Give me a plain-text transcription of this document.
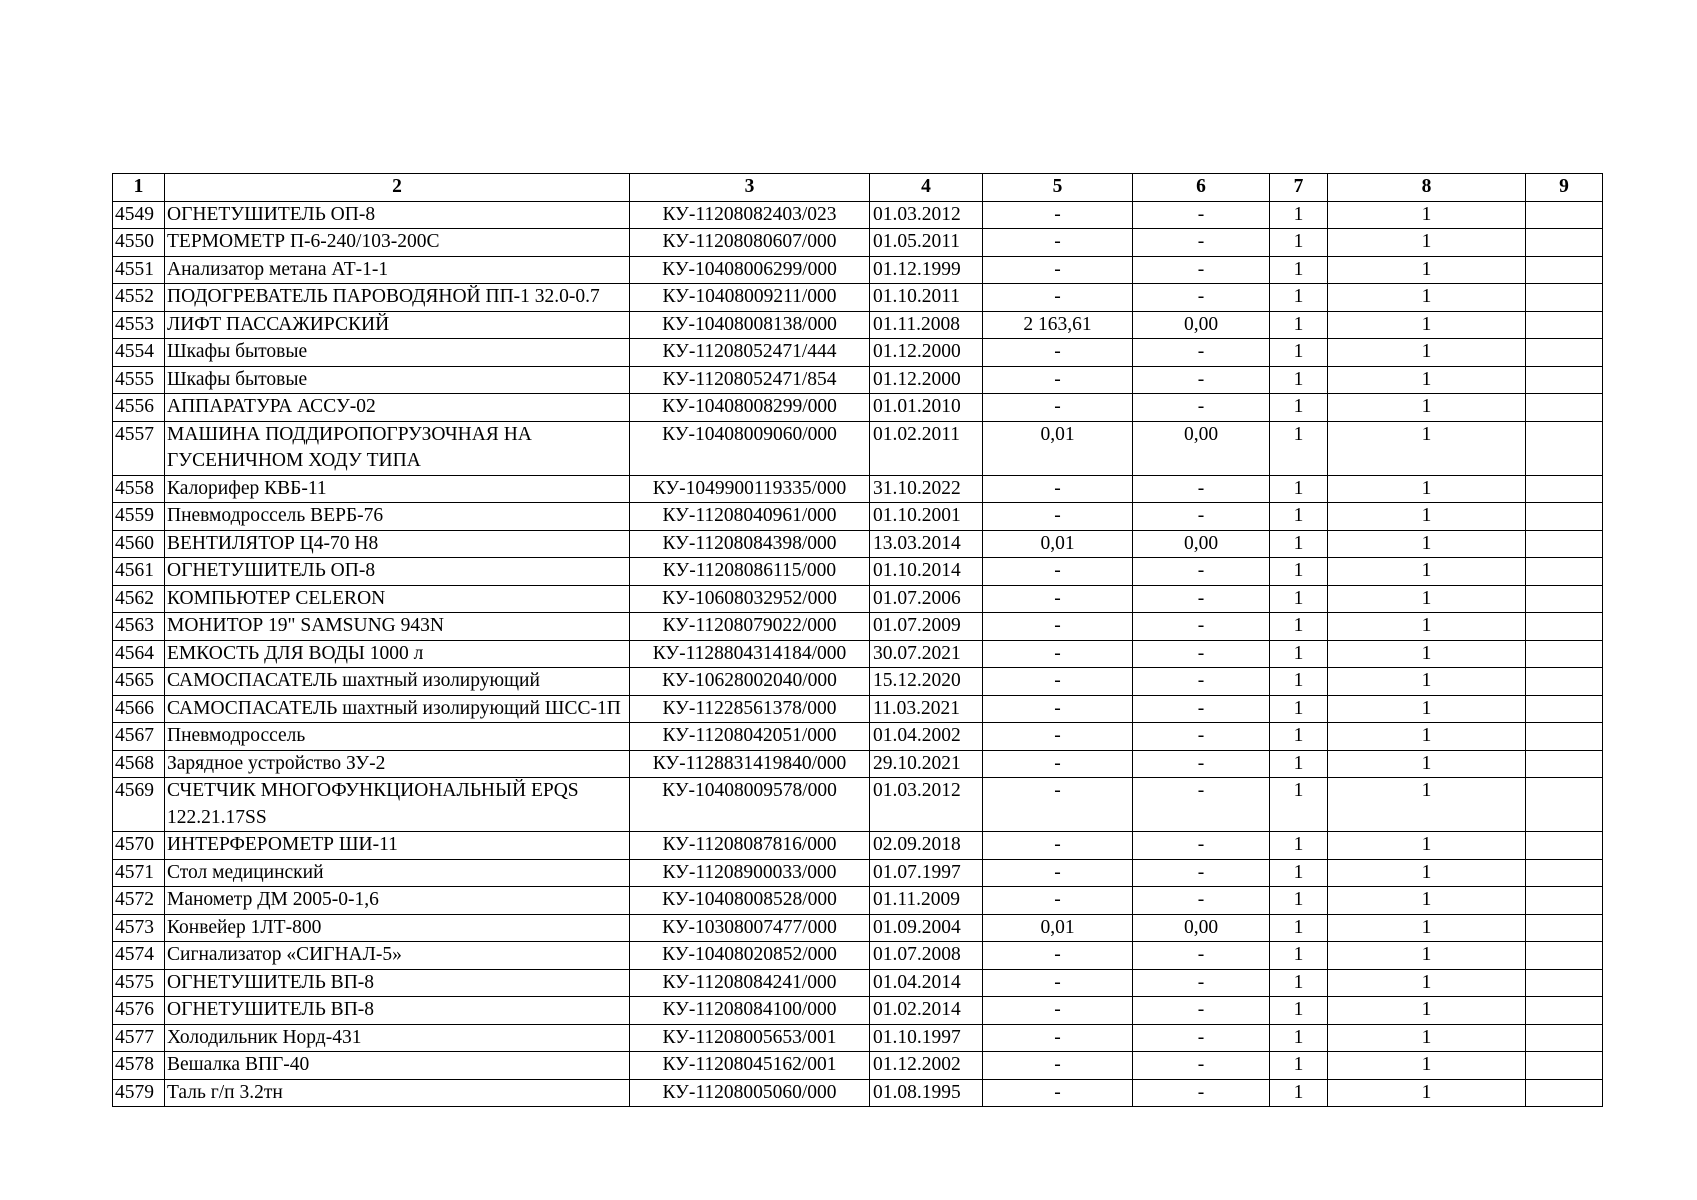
1	2	3	4	5	6	7	8	9
4549	ОГНЕТУШИТЕЛЬ ОП-8	КУ-11208082403/023	01.03.2012	-	-	1	1	
4550	ТЕРМОМЕТР П-6-240/103-200С	КУ-11208080607/000	01.05.2011	-	-	1	1	
4551	Анализатор метана АТ-1-1	КУ-10408006299/000	01.12.1999	-	-	1	1	
4552	ПОДОГРЕВАТЕЛЬ ПАРОВОДЯНОЙ ПП-1 32.0-0.7	КУ-10408009211/000	01.10.2011	-	-	1	1	
4553	ЛИФТ ПАССАЖИРСКИЙ	КУ-10408008138/000	01.11.2008	2 163,61	0,00	1	1	
4554	Шкафы бытовые	КУ-11208052471/444	01.12.2000	-	-	1	1	
4555	Шкафы бытовые	КУ-11208052471/854	01.12.2000	-	-	1	1	
4556	АППАРАТУРА АССУ-02	КУ-10408008299/000	01.01.2010	-	-	1	1	
4557	МАШИНА ПОДДИРОПОГРУЗОЧНАЯ НА ГУСЕНИЧНОМ ХОДУ ТИПА	КУ-10408009060/000	01.02.2011	0,01	0,00	1	1	
4558	Калорифер КВБ-11	КУ-1049900119335/000	31.10.2022	-	-	1	1	
4559	Пневмодроссель ВЕРБ-76	КУ-11208040961/000	01.10.2001	-	-	1	1	
4560	ВЕНТИЛЯТОР Ц4-70 Н8	КУ-11208084398/000	13.03.2014	0,01	0,00	1	1	
4561	ОГНЕТУШИТЕЛЬ ОП-8	КУ-11208086115/000	01.10.2014	-	-	1	1	
4562	КОМПЬЮТЕР CELERON	КУ-10608032952/000	01.07.2006	-	-	1	1	
4563	МОНИТОР 19" SAMSUNG 943N	КУ-11208079022/000	01.07.2009	-	-	1	1	
4564	ЕМКОСТЬ ДЛЯ ВОДЫ 1000 л	КУ-1128804314184/000	30.07.2021	-	-	1	1	
4565	САМОСПАСАТЕЛЬ шахтный изолирующий	КУ-10628002040/000	15.12.2020	-	-	1	1	
4566	САМОСПАСАТЕЛЬ шахтный изолирующий ШСС-1П	КУ-11228561378/000	11.03.2021	-	-	1	1	
4567	Пневмодроссель	КУ-11208042051/000	01.04.2002	-	-	1	1	
4568	Зарядное устройство ЗУ-2	КУ-1128831419840/000	29.10.2021	-	-	1	1	
4569	СЧЕТЧИК МНОГОФУНКЦИОНАЛЬНЫЙ EPQS 122.21.17SS	КУ-10408009578/000	01.03.2012	-	-	1	1	
4570	ИНТЕРФЕРОМЕТР ШИ-11	КУ-11208087816/000	02.09.2018	-	-	1	1	
4571	Стол медицинский	КУ-11208900033/000	01.07.1997	-	-	1	1	
4572	Манометр ДМ 2005-0-1,6	КУ-10408008528/000	01.11.2009	-	-	1	1	
4573	Конвейер 1ЛТ-800	КУ-10308007477/000	01.09.2004	0,01	0,00	1	1	
4574	Сигнализатор «СИГНАЛ-5»	КУ-10408020852/000	01.07.2008	-	-	1	1	
4575	ОГНЕТУШИТЕЛЬ ВП-8	КУ-11208084241/000	01.04.2014	-	-	1	1	
4576	ОГНЕТУШИТЕЛЬ ВП-8	КУ-11208084100/000	01.02.2014	-	-	1	1	
4577	Холодильник Норд-431	КУ-11208005653/001	01.10.1997	-	-	1	1	
4578	Вешалка ВПГ-40	КУ-11208045162/001	01.12.2002	-	-	1	1	
4579	Таль г/п 3.2тн	КУ-11208005060/000	01.08.1995	-	-	1	1	
